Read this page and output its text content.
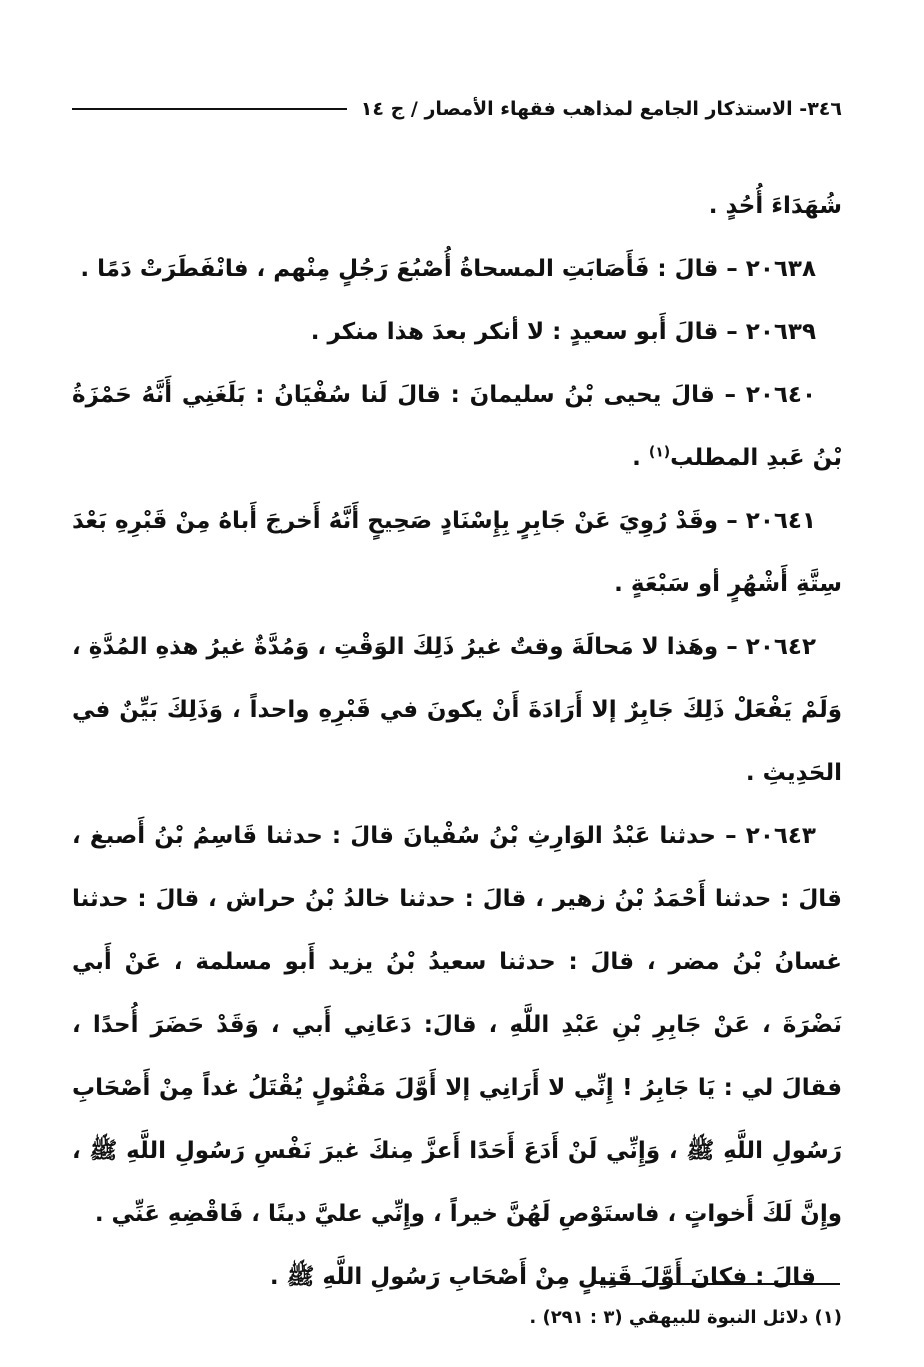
٣٤٦- الاستذكار الجامع لمذاهب فقهاء الأمصار / ج ١٤

شُهَدَاءَ أُحُدٍ .

٢٠٦٣٨ – قالَ : فَأَصَابَتِ المسحاةُ أُصْبُعَ رَجُلٍ مِنْهم ، فانْفَطَرَتْ دَمًا .

٢٠٦٣٩ – قالَ أَبو سعيدٍ : لا أنكر بعدَ هذا منكر .

٢٠٦٤٠ – قالَ يحيى بْنُ سليمانَ : قالَ لَنا سُفْيَانُ : بَلَغَنِي أَنَّهُ حَمْزَةُ بْنُ عَبدِ المطلب$^{(١)}$ .

٢٠٦٤١ – وقَدْ رُوِيَ عَنْ جَابِرٍ بِإِسْنَادٍ صَحِيحٍ أَنَّهُ أَخرجَ أَباهُ مِنْ قَبْرِهِ بَعْدَ سِتَّةِ أَشْهُرٍ أو سَبْعَةٍ .

٢٠٦٤٢ – وهَذا لا مَحالَةَ وقتٌ غيرُ ذَلِكَ الوَقْتِ ، وَمُدَّةٌ غيرُ هذهِ المُدَّةِ ، وَلَمْ يَفْعَلْ ذَلِكَ جَابِرٌ إلا أَرَادَةَ أَنْ يكونَ في قَبْرِهِ واحداً ، وَذَلِكَ بَيِّنٌ في الحَدِيثِ .

٢٠٦٤٣ – حدثنا عَبْدُ الوَارِثِ بْنُ سُفْيانَ قالَ : حدثنا قَاسِمُ بْنُ أَصبغ ، قالَ : حدثنا أَحْمَدُ بْنُ زهير ، قالَ : حدثنا خالدُ بْنُ حراش ، قالَ : حدثنا غسانُ بْنُ مضر ، قالَ : حدثنا سعيدُ بْنُ يزيد أَبو مسلمة ، عَنْ أَبي نَضْرَةَ ، عَنْ جَابِرِ بْنِ عَبْدِ اللَّهِ ، قالَ: دَعَانِي أَبي ، وَقَدْ حَضَرَ أُحدًا ، فقالَ لي : يَا جَابِرُ ! إِنِّي لا أَرَانِي إلا أَوَّلَ مَقْتُولٍ يُقْتَلُ غداً مِنْ أَصْحَابِ رَسُولِ اللَّهِ ﷺ ، وَإِنِّي لَنْ أَدَعَ أَحَدًا أَعزَّ مِنكَ غيرَ نَفْسِ رَسُولِ اللَّهِ ﷺ ، وإِنَّ لَكَ أَخواتٍ ، فاستَوْصِ لَهُنَّ خيراً ، وإِنِّي عليَّ دينًا ، فَاقْضِهِ عَنِّي .

قالَ : فكانَ أَوَّلَ قَتِيلٍ مِنْ أَصْحَابِ رَسُولِ اللَّهِ ﷺ .

(١) دلائل النبوة للبيهقي (٣ : ٢٩١) .
